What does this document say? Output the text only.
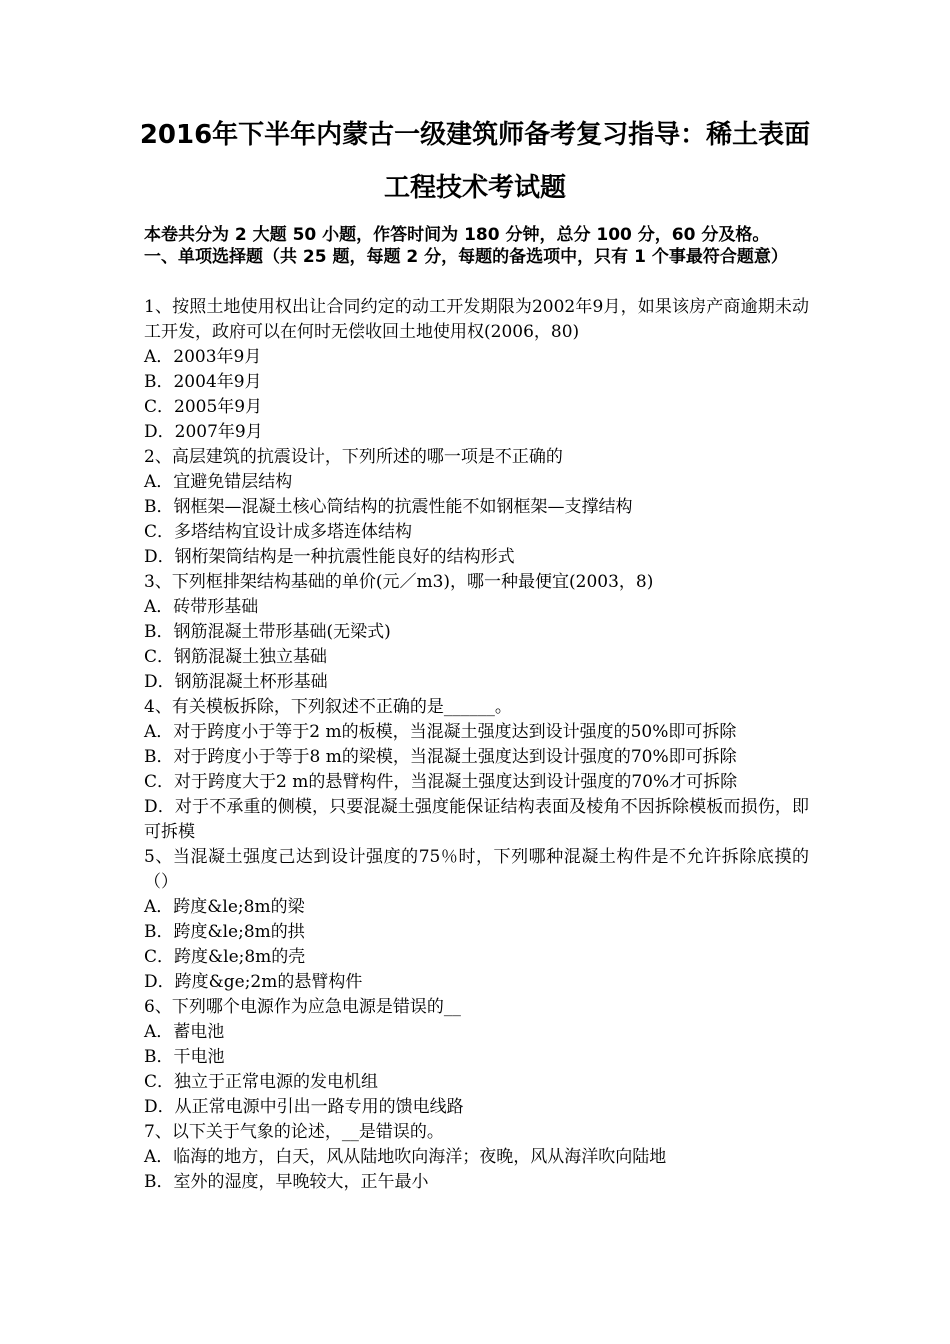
2016年下半年内蒙古一级建筑师备考复习指导：稀土表面
工程技术考试题
本卷共分为 2 大题 50 小题，作答时间为 180 分钟，总分 100 分，60 分及格。
一、单项选择题（共 25 题，每题 2 分，每题的备选项中，只有 1 个事最符合题意）
1、按照土地使用权出让合同约定的动工开发期限为2002年9月，如果该房产商逾期未动工开发，政府可以在何时无偿收回土地使用权(2006，80)
A．2003年9月
B．2004年9月
C．2005年9月
D．2007年9月
2、高层建筑的抗震设计，下列所述的哪一项是不正确的
A．宜避免错层结构
B．钢框架—混凝土核心筒结构的抗震性能不如钢框架—支撑结构
C．多塔结构宜设计成多塔连体结构
D．钢桁架筒结构是一种抗震性能良好的结构形式
3、下列框排架结构基础的单价(元／m3)，哪一种最便宜(2003，8)
A．砖带形基础
B．钢筋混凝土带形基础(无梁式)
C．钢筋混凝土独立基础
D．钢筋混凝土杯形基础
4、有关模板拆除，下列叙述不正确的是______。
A．对于跨度小于等于2 m的板模，当混凝土强度达到设计强度的50%即可拆除
B．对于跨度小于等于8 m的梁模，当混凝土强度达到设计强度的70%即可拆除
C．对于跨度大于2 m的悬臂构件，当混凝土强度达到设计强度的70%才可拆除
D．对于不承重的侧模，只要混凝土强度能保证结构表面及棱角不因拆除模板而损伤，即可拆模
5、当混凝土强度己达到设计强度的75％时，下列哪种混凝土构件是不允许拆除底摸的（）
A．跨度&le;8m的梁
B．跨度&le;8m的拱
C．跨度&le;8m的壳
D．跨度&ge;2m的悬臂构件
6、下列哪个电源作为应急电源是错误的__
A．蓄电池
B．干电池
C．独立于正常电源的发电机组
D．从正常电源中引出一路专用的馈电线路
7、以下关于气象的论述，__是错误的。
A．临海的地方，白天，风从陆地吹向海洋；夜晚，风从海洋吹向陆地
B．室外的湿度，早晚较大，正午最小
